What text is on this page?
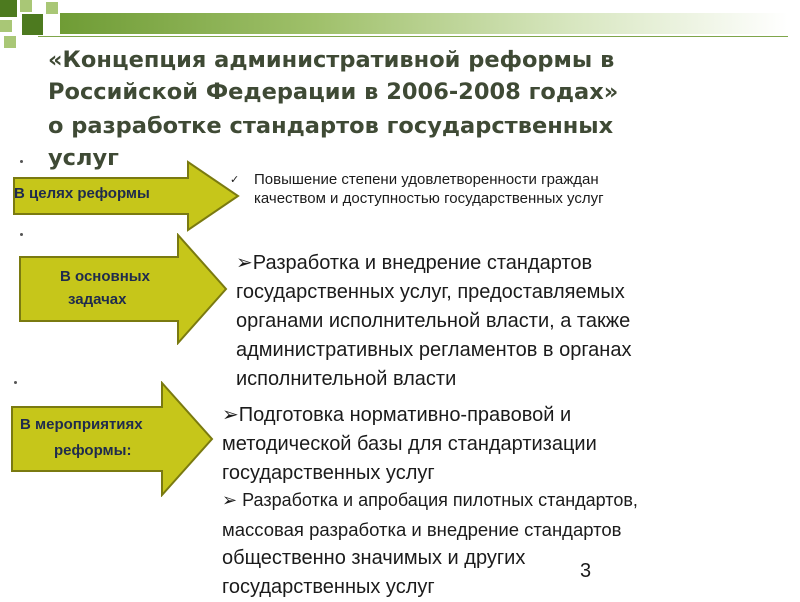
«Концепция административной реформы в
Российской Федерации в 2006-2008 годах»
о разработке стандартов государственных
услуг
В целях реформы
В основных
задачах
В мероприятиях
реформы:
✓ Повышение степени удовлетворенности граждан
качеством и доступностью государственных услуг
➢Разработка и внедрение стандартов
государственных услуг, предоставляемых
органами исполнительной власти, а также
административных регламентов в органах
исполнительной власти
➢Подготовка нормативно-правовой и
методической базы для стандартизации
государственных услуг
➢ Разработка и апробация пилотных стандартов,
массовая разработка и внедрение стандартов
общественно значимых и других
государственных услуг
3
